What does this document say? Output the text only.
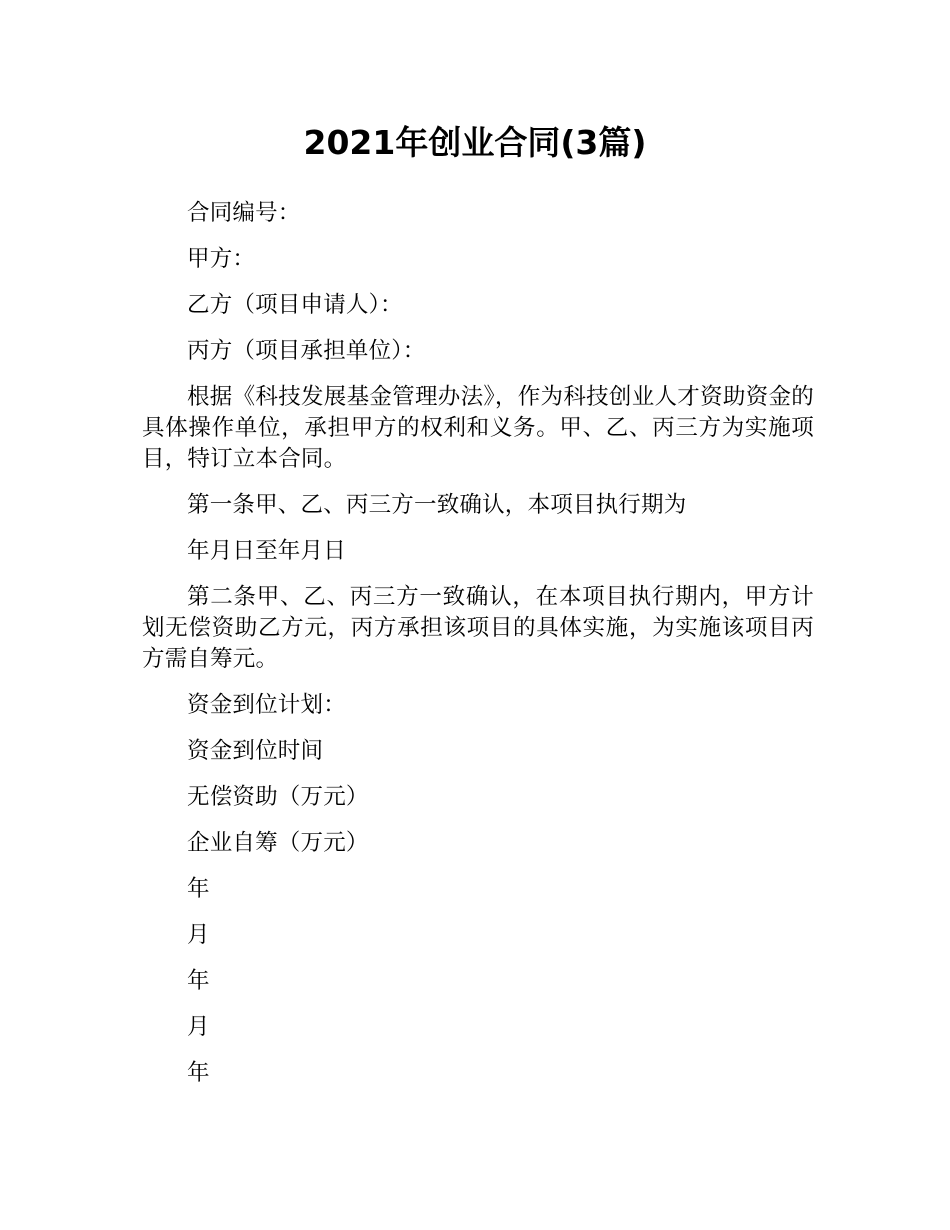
2021年创业合同(3篇)

合同编号：

甲方：

乙方（项目申请人）：

丙方（项目承担单位）：

根据《科技发展基金管理办法》，作为科技创业人才资助资金的具体操作单位，承担甲方的权利和义务。甲、乙、丙三方为实施项目，特订立本合同。

第一条甲、乙、丙三方一致确认，本项目执行期为

年月日至年月日

第二条甲、乙、丙三方一致确认，在本项目执行期内，甲方计划无偿资助乙方元，丙方承担该项目的具体实施，为实施该项目丙方需自筹元。

资金到位计划：

资金到位时间

无偿资助（万元）

企业自筹（万元）

年

月

年

月

年
